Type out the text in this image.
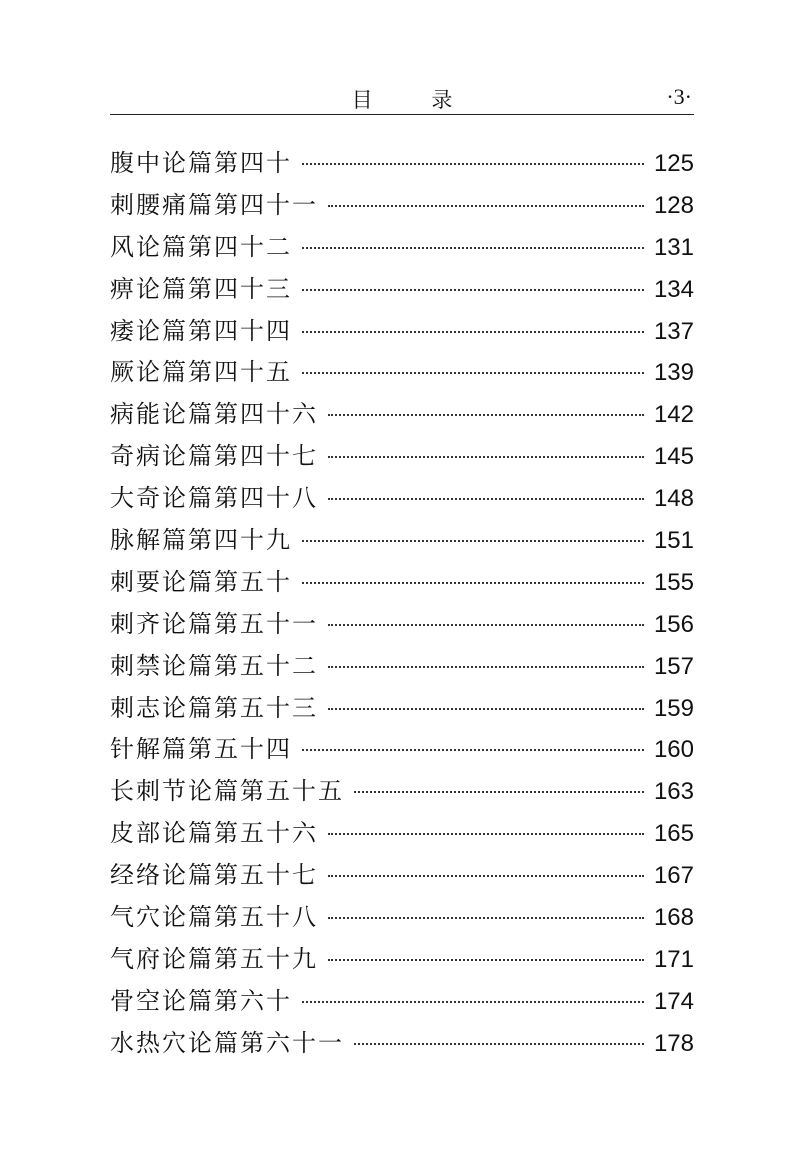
目 录	·3·
腹中论篇第四十	125
刺腰痛篇第四十一	128
风论篇第四十二	131
痹论篇第四十三	134
痿论篇第四十四	137
厥论篇第四十五	139
病能论篇第四十六	142
奇病论篇第四十七	145
大奇论篇第四十八	148
脉解篇第四十九	151
刺要论篇第五十	155
刺齐论篇第五十一	156
刺禁论篇第五十二	157
刺志论篇第五十三	159
针解篇第五十四	160
长刺节论篇第五十五	163
皮部论篇第五十六	165
经络论篇第五十七	167
气穴论篇第五十八	168
气府论篇第五十九	171
骨空论篇第六十	174
水热穴论篇第六十一	178
